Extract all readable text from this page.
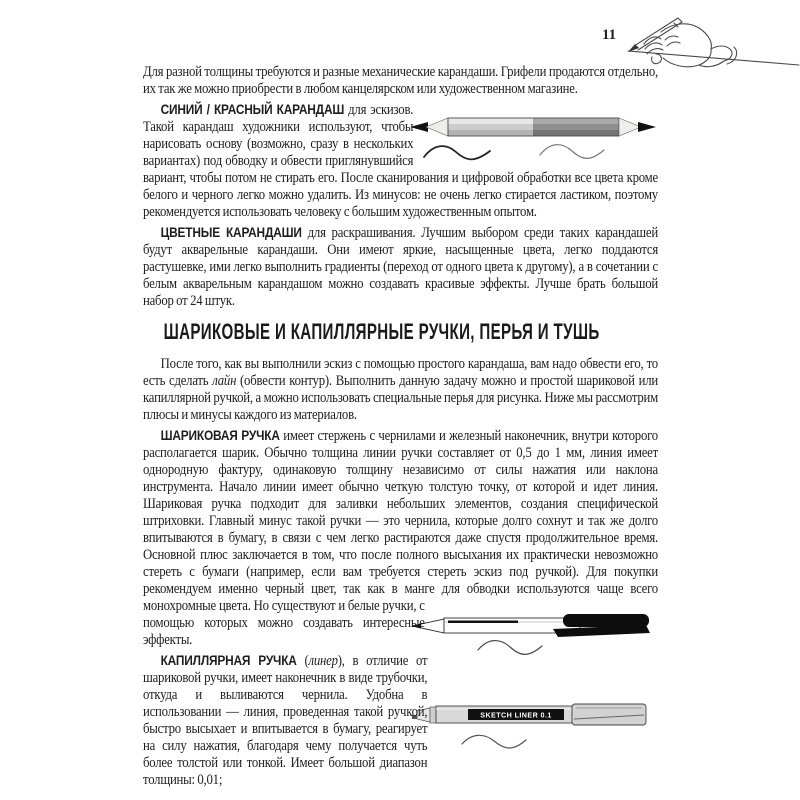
11
SKETCH LINER 0.1

Для разной толщины требуются и разные механические карандаши. Грифели продаются отдельно, их так же можно приобрести в любом канцелярском или художественном магазине.

СИНИЙ / КРАСНЫЙ КАРАНДАШ для эскизов. Такой карандаш художники используют, чтобы нарисовать основу (возможно, сразу в нескольких вариантах) под обводку и обвести приглянувшийся вариант, чтобы потом не стирать его. После сканирования и цифровой обработки все цвета кроме белого и черного легко можно удалить. Из минусов: не очень легко стирается ластиком, поэтому рекомендуется использовать человеку с большим художественным опытом.

ЦВЕТНЫЕ КАРАНДАШИ для раскрашивания. Лучшим выбором среди таких карандашей будут акварельные карандаши. Они имеют яркие, насыщенные цвета, легко поддаются растушевке, ими легко выполнить градиенты (переход от одного цвета к другому), а в сочетании с белым акварельным карандашом можно создавать красивые эффекты. Лучше брать большой набор от 24 штук.

ШАРИКОВЫЕ И КАПИЛЛЯРНЫЕ РУЧКИ, ПЕРЬЯ И ТУШЬ

После того, как вы выполнили эскиз с помощью простого карандаша, вам надо обвести его, то есть сделать лайн (обвести контур). Выполнить данную задачу можно и простой шариковой или капиллярной ручкой, а можно использовать специальные перья для рисунка. Ниже мы рассмотрим плюсы и минусы каждого из материалов.

ШАРИКОВАЯ РУЧКА имеет стержень с чернилами и железный наконечник, внутри которого располагается шарик. Обычно толщина линии ручки составляет от 0,5 до 1 мм, линия имеет однородную фактуру, одинаковую толщину независимо от силы нажатия или наклона инструмента. Начало линии имеет обычно четкую толстую точку, от которой и идет линия. Шариковая ручка подходит для заливки небольших элементов, создания специфической штриховки. Главный минус такой ручки — это чернила, которые долго сохнут и так же долго впитываются в бумагу, в связи с чем легко растираются даже спустя продолжительное время. Основной плюс заключается в том, что после полного высыхания их практически невозможно стереть с бумаги (например, если вам требуется стереть эскиз под ручкой). Для покупки рекомендуем именно черный цвет, так как в манге для обводки используются чаще всего монохромные цвета. Но
существуют и белые ручки, с помощью которых можно создавать интересные эффекты.

КАПИЛЛЯРНАЯ РУЧКА (линер), в отличие от шариковой ручки, имеет наконечник в виде трубочки, откуда и выливаются чернила. Удобна в использовании — линия, проведенная такой ручкой, быстро высыхает и впитывается в бумагу, реагирует на силу нажатия, благодаря чему получается чуть более толстой или тонкой. Имеет большой диапазон толщины: 0,01;
